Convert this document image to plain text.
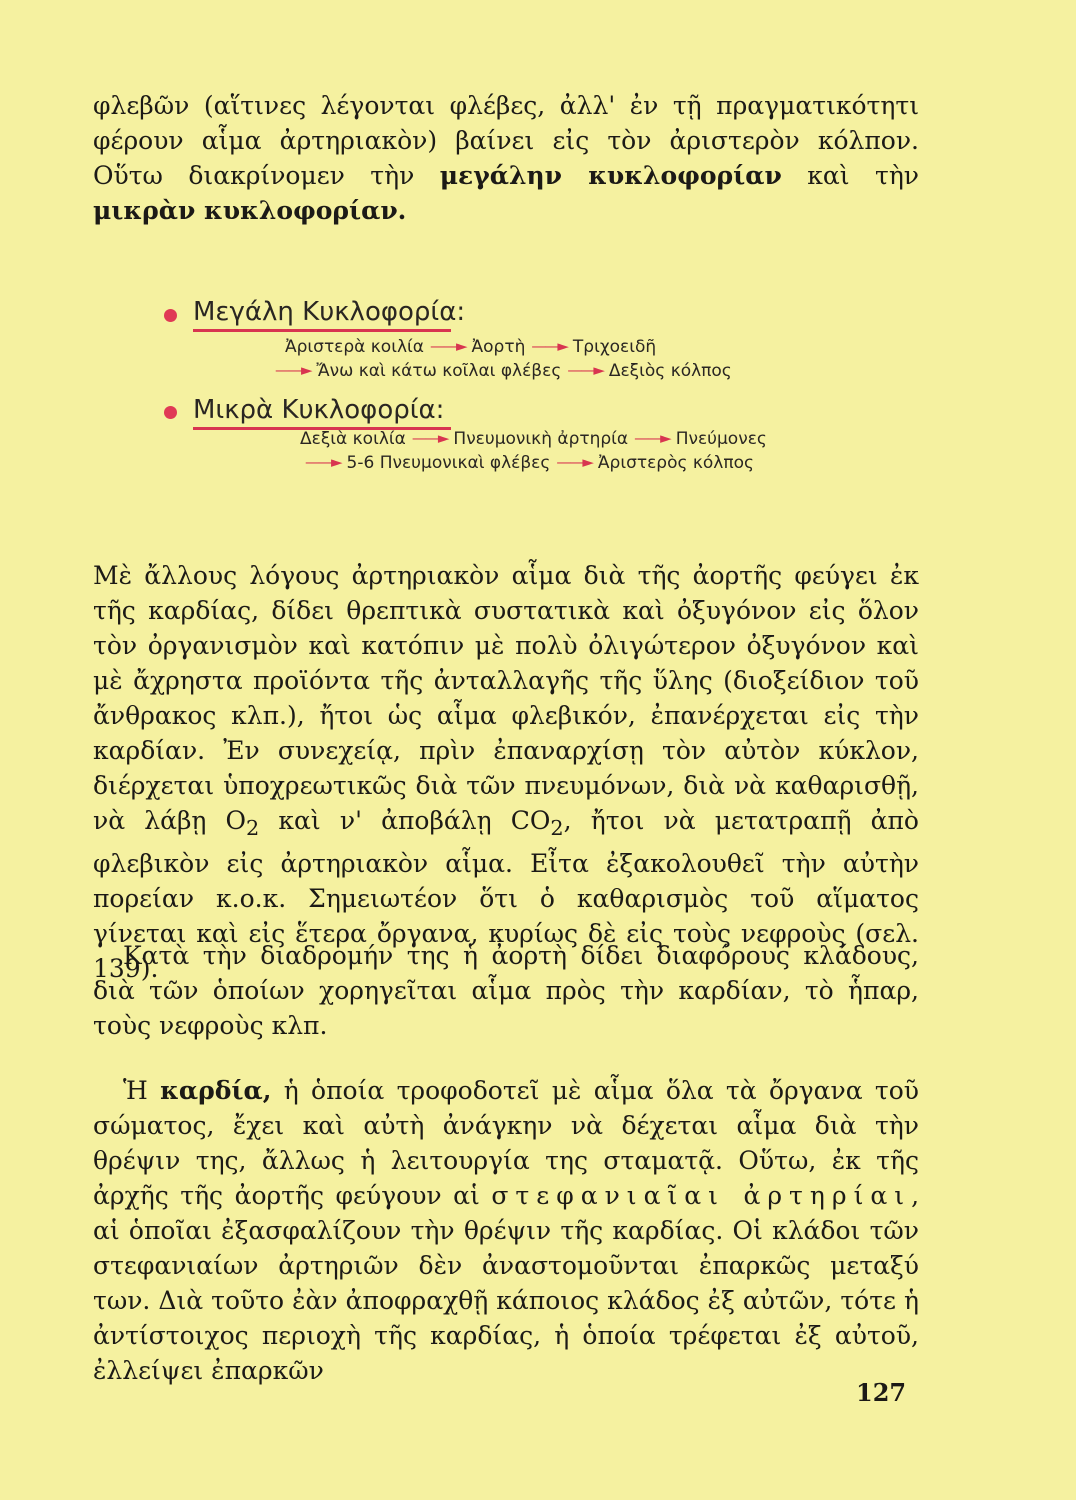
φλεβῶν (αἵτινες λέγονται φλέβες, ἀλλ' ἐν τῇ πραγματικότητι φέρουν αἷμα ἀρτηριακὸν) βαίνει εἰς τὸν ἀριστερὸν κόλπον. Οὕτω διακρίνομεν τὴν μεγάλην κυκλοφορίαν καὶ τὴν μικρὰν κυκλοφορίαν.

Μεγάλη Κυκλοφορία:
Ἀριστερὰ κοιλία ——► Ἀορτὴ ——► Τριχοειδῆ
——► Ἄνω καὶ κάτω κοῖλαι φλέβες ——► Δεξιὸς κόλπος
Μικρὰ Κυκλοφορία:
Δεξιὰ κοιλία ——► Πνευμονικὴ ἀρτηρία ——► Πνεύμονες
——► 5-6 Πνευμονικαὶ φλέβες ——► Ἀριστερὸς κόλπος

Μὲ ἄλλους λόγους ἀρτηριακὸν αἷμα διὰ τῆς ἀορτῆς φεύγει ἐκ τῆς καρδίας, δίδει θρεπτικὰ συστατικὰ καὶ ὀξυγόνον εἰς ὅλον τὸν ὀργανισμὸν καὶ κατόπιν μὲ πολὺ ὀλιγώτερον ὀξυγόνον καὶ μὲ ἄχρηστα προϊόντα τῆς ἀνταλλαγῆς τῆς ὕλης (διοξείδιον τοῦ ἄνθρακος κλπ.), ἤτοι ὡς αἷμα φλεβικόν, ἐπανέρχεται εἰς τὴν καρδίαν. Ἐν συνεχείᾳ, πρὶν ἐπαναρχίσῃ τὸν αὐτὸν κύκλον, διέρχεται ὑποχρεωτικῶς διὰ τῶν πνευμόνων, διὰ νὰ καθαρισθῇ, νὰ λάβῃ $O_2$ καὶ ν' ἀποβάλῃ $CO_2$, ἤτοι νὰ μετατραπῇ ἀπὸ φλεβικὸν εἰς ἀρτηριακὸν αἷμα. Εἶτα ἐξακολουθεῖ τὴν αὐτὴν πορείαν κ.ο.κ. Σημειωτέον ὅτι ὁ καθαρισμὸς τοῦ αἵματος γίνεται καὶ εἰς ἕτερα ὄργανα, κυρίως δὲ εἰς τοὺς νεφροὺς (σελ. 139).

Κατὰ τὴν διαδρομήν της ἡ ἀορτὴ δίδει διαφόρους κλάδους, διὰ τῶν ὁποίων χορηγεῖται αἷμα πρὸς τὴν καρδίαν, τὸ ἧπαρ, τοὺς νεφροὺς κλπ.

Ἡ καρδία, ἡ ὁποία τροφοδοτεῖ μὲ αἷμα ὅλα τὰ ὄργανα τοῦ σώματος, ἔχει καὶ αὐτὴ ἀνάγκην νὰ δέχεται αἷμα διὰ τὴν θρέψιν της, ἄλλως ἡ λειτουργία της σταματᾷ. Οὕτω, ἐκ τῆς ἀρχῆς τῆς ἀορτῆς φεύγουν αἱ στεφανιαῖαι ἀρτηρίαι, αἱ ὁποῖαι ἐξασφαλίζουν τὴν θρέψιν τῆς καρδίας. Οἱ κλάδοι τῶν στεφανιαίων ἀρτηριῶν δὲν ἀναστομοῦνται ἐπαρκῶς μεταξύ των. Διὰ τοῦτο ἐὰν ἀποφραχθῇ κάποιος κλάδος ἐξ αὐτῶν, τότε ἡ ἀντίστοιχος περιοχὴ τῆς καρδίας, ἡ ὁποία τρέφεται ἐξ αὐτοῦ, ἐλλείψει ἐπαρκῶν

127
